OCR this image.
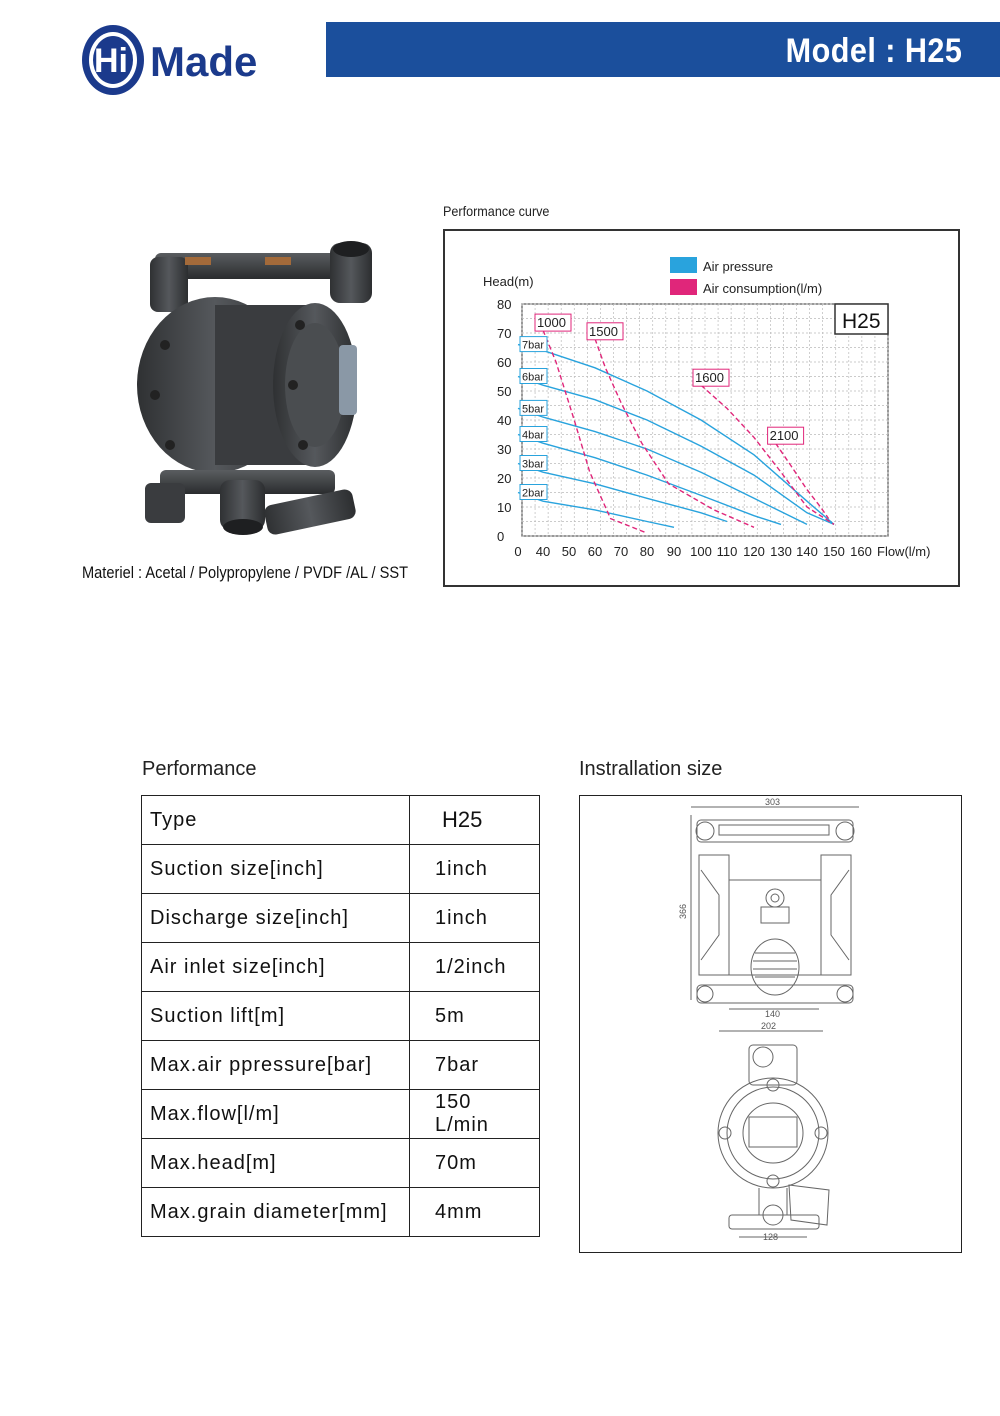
Hi Made	Model : H25
Materiel : Acetal / Polypropylene / PVDF /AL / SST
Performance curve
0
10
20
30
40
50
60
70
80
0 40 50 60 70 80 90 100 110 120 130 140 150 160
7bar
6bar
5bar
4bar
3bar
2bar
1000
1500
1600
2100
Head(m)
Air pressure
Air consumption(l/m)
H25
Flow(l/m)
Performance
Type	H25
Suction size[inch]	1inch
Discharge size[inch]	1inch
Air inlet size[inch]	1/2inch
Suction lift[m]	5m
Max.air ppressure[bar]	7bar
Max.flow[l/m]	150 L/min
Max.head[m]	70m
Max.grain diameter[mm]	4mm
Instrallation size
303
366
140
202
128
